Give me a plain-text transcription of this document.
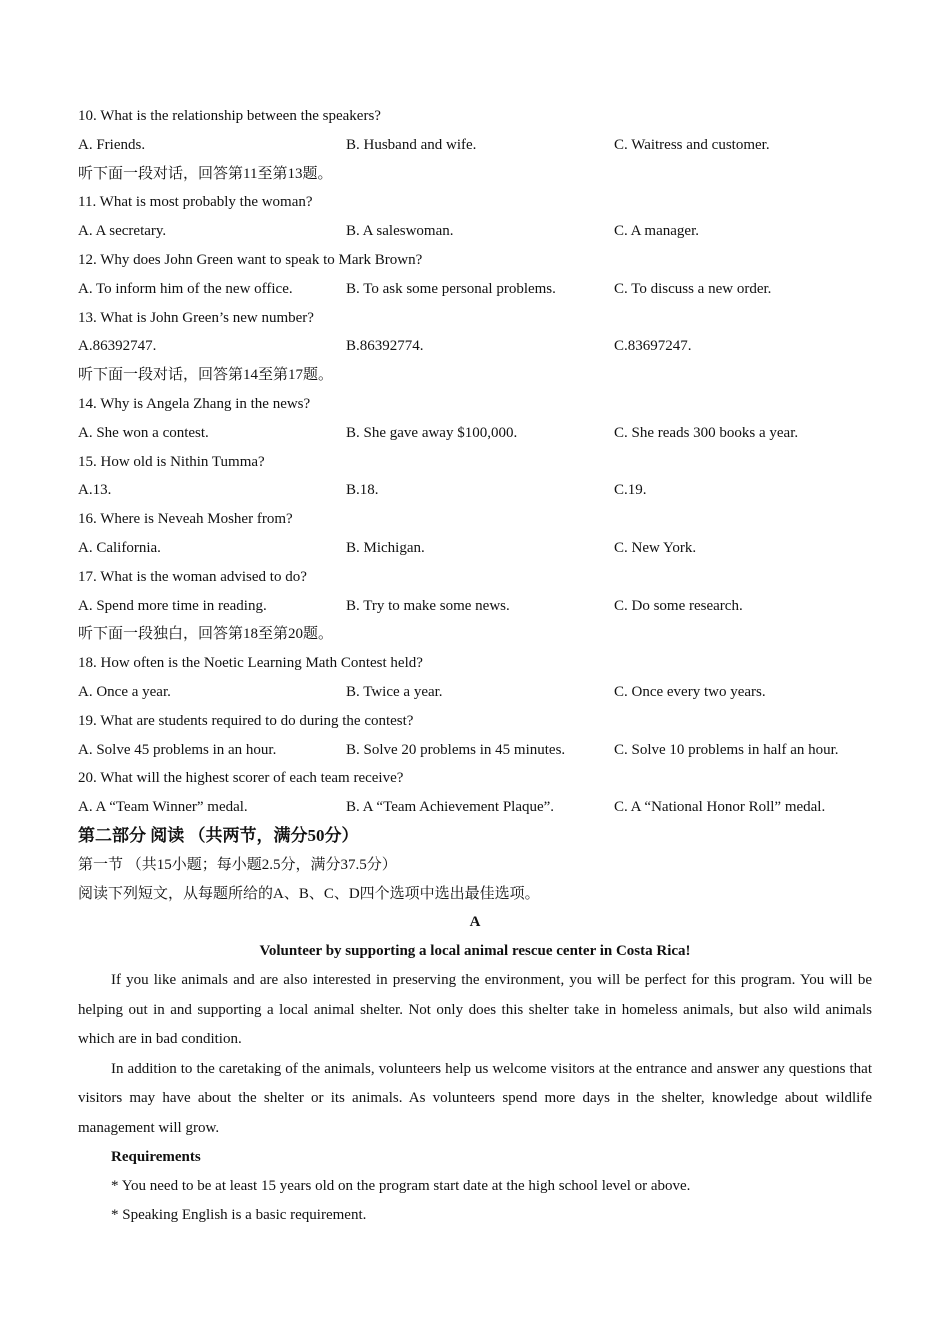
10. What is the relationship between the speakers?
A. Friends.	B. Husband and wife.	C. Waitress and customer.
听下面一段对话，回答第11至第13题。
11. What is most probably the woman?
A. A secretary.	B. A saleswoman.	C. A manager.
12. Why does John Green want to speak to Mark Brown?
A. To inform him of the new office.	B. To ask some personal problems.	C. To discuss a new order.
13. What is John Green’s new number?
A.86392747.	B.86392774.	C.83697247.
听下面一段对话，回答第14至第17题。
14. Why is Angela Zhang in the news?
A. She won a contest.	B. She gave away $100,000.	C. She reads 300 books a year.
15. How old is Nithin Tumma?
A.13.	B.18.	C.19.
16. Where is Neveah Mosher from?
A. California.	B. Michigan.	C. New York.
17. What is the woman advised to do?
A. Spend more time in reading.	B. Try to make some news.	C. Do some research.
听下面一段独白，回答第18至第20题。
18. How often is the Noetic Learning Math Contest held?
A. Once a year.	B. Twice a year.	C. Once every two years.
19. What are students required to do during the contest?
A. Solve 45 problems in an hour.	B. Solve 20 problems in 45 minutes.	C. Solve 10 problems in half an hour.
20. What will the highest scorer of each team receive?
A. A “Team Winner” medal.	B. A “Team Achievement Plaque”.	C. A “National Honor Roll” medal.
第二部分 阅读 （共两节，满分50分）
第一节 （共15小题；每小题2.5分，满分37.5分）
阅读下列短文，从每题所给的A、B、C、D四个选项中选出最佳选项。
A
Volunteer by supporting a local animal rescue center in Costa Rica!

If you like animals and are also interested in preserving the environment, you will be perfect for this program. You will be helping out in and supporting a local animal shelter. Not only does this shelter take in homeless animals, but also wild animals which are in bad condition.

In addition to the caretaking of the animals, volunteers help us welcome visitors at the entrance and answer any questions that visitors may have about the shelter or its animals. As volunteers spend more days in the shelter, knowledge about wildlife management will grow.

Requirements
* You need to be at least 15 years old on the program start date at the high school level or above.
* Speaking English is a basic requirement.
